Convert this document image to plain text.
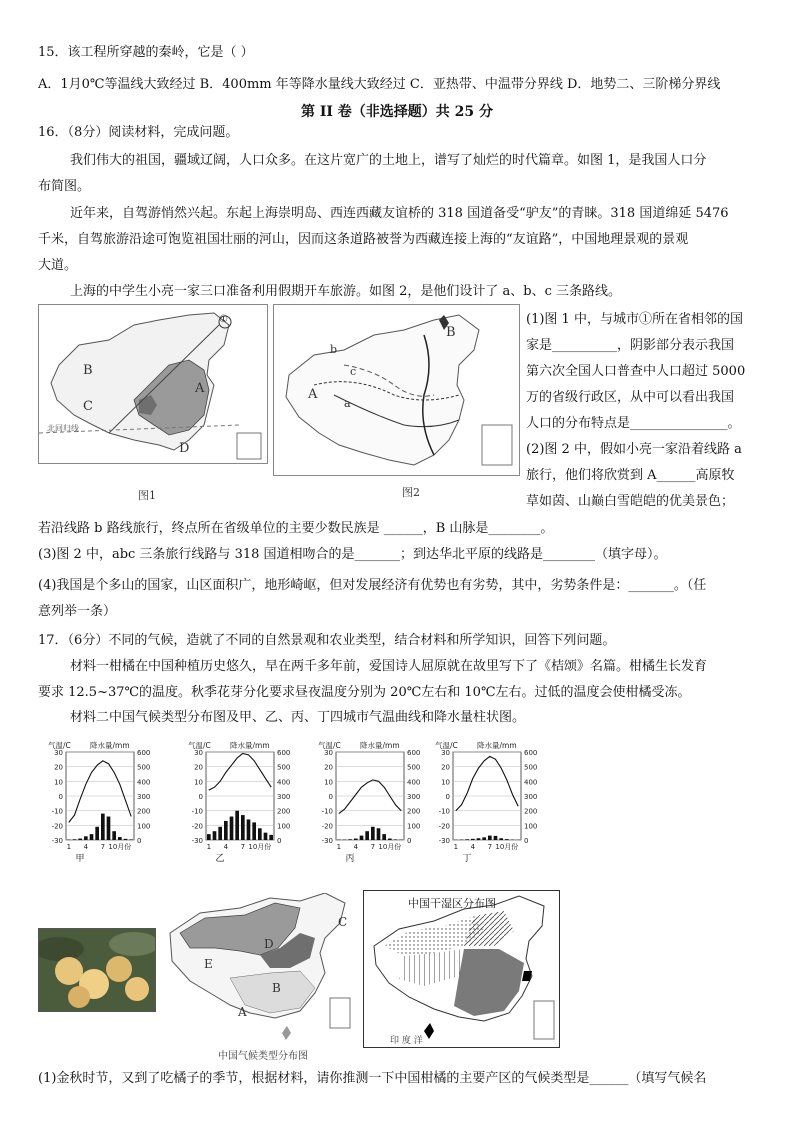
15．该工程所穿越的秦岭，它是（ ）
A．1月0℃等温线大致经过 B．400mm 年等降水量线大致经过 C．亚热带、中温带分界线 D．地势二、三阶梯分界线
第 II 卷（非选择题）共 25 分
16．（8分）阅读材料，完成问题。
我们伟大的祖国，疆域辽阔，人口众多。在这片宽广的土地上，谱写了灿烂的时代篇章。如图 1，是我国人口分
布简图。
近年来，自驾游悄然兴起。东起上海崇明岛、西连西藏友谊桥的 318 国道备受“驴友”的青睐。318 国道绵延 5476
千米，自驾旅游沿途可饱览祖国壮丽的河山，因而这条道路被誉为西藏连接上海的“友谊路”，中国地理景观的景观
大道。
上海的中学生小亮一家三口准备利用假期开车旅游。如图 2，是他们设计了 a、b、c 三条路线。
①
B
C
A
D
北回归线
图1
B
A
a
b
c
图2
(1)图 1 中，与城市①所在省相邻的国
家是__________，阴影部分表示我国
第六次全国人口普查中人口超过 5000
万的省级行政区，从中可以看出我国
人口的分布特点是_______________。
(2)图 2 中，假如小亮一家沿着线路 a
旅行，他们将欣赏到 A______高原牧
草如茵、山巅白雪皑皑的优美景色；
若沿线路 b 路线旅行，终点所在省级单位的主要少数民族是 ______，B 山脉是________。
(3)图 2 中，abc 三条旅行线路与 318 国道相吻合的是_______；到达华北平原的线路是________（填字母）。
(4)我国是个多山的国家，山区面积广，地形崎岖，但对发展经济有优势也有劣势，其中，劣势条件是：_______。（任
意列举一条）
17．（6分）不同的气候，造就了不同的自然景观和农业类型，结合材料和所学知识，回答下列问题。
材料一柑橘在中国种植历史悠久，早在两千多年前，爱国诗人屈原就在故里写下了《桔颂》名篇。柑橘生长发育
要求 12.5~37℃的温度。秋季花芽分化要求昼夜温度分别为 20℃左右和 10℃左右。过低的温度会使柑橘受冻。
材料二中国气候类型分布图及甲、乙、丙、丁四城市气温曲线和降水量柱状图。
30	600
20	500
10	400
0	300
-10	200
-20	100
-30	0
气温/C	降水量/mm
1 4 7 10月份
甲
30	600
20	500
10	400
0	300
-10	200
-20	100
-30	0
气温/C	降水量/mm
1 4 7 10月份
乙
30	600
20	500
10	400
0	300
-10	200
-20	100
-30	0
气温/C	降水量/mm
1 4 7 10月份
丙
30	600
20	500
10	400
0	300
-10	200
-20	100
-30	0
气温/C	降水量/mm
1 4 7 10月份
丁
C
D
E
B
A
中国气候类型分布图
中国干湿区分布图
印 度 洋
(1)金秋时节，又到了吃橘子的季节，根据材料，请你推测一下中国柑橘的主要产区的气候类型是______（填写气候名
